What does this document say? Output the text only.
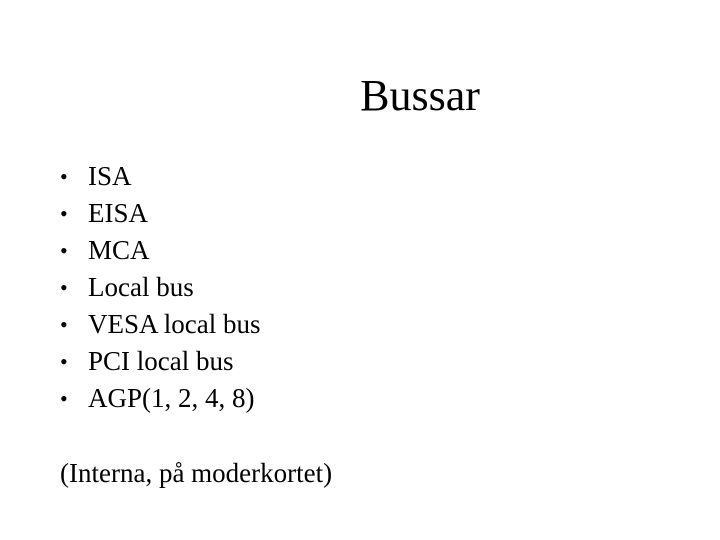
Bussar
• ISA
• EISA
• MCA
• Local bus
• VESA local bus
• PCI local bus
• AGP(1, 2, 4, 8)
(Interna, på moderkortet)
